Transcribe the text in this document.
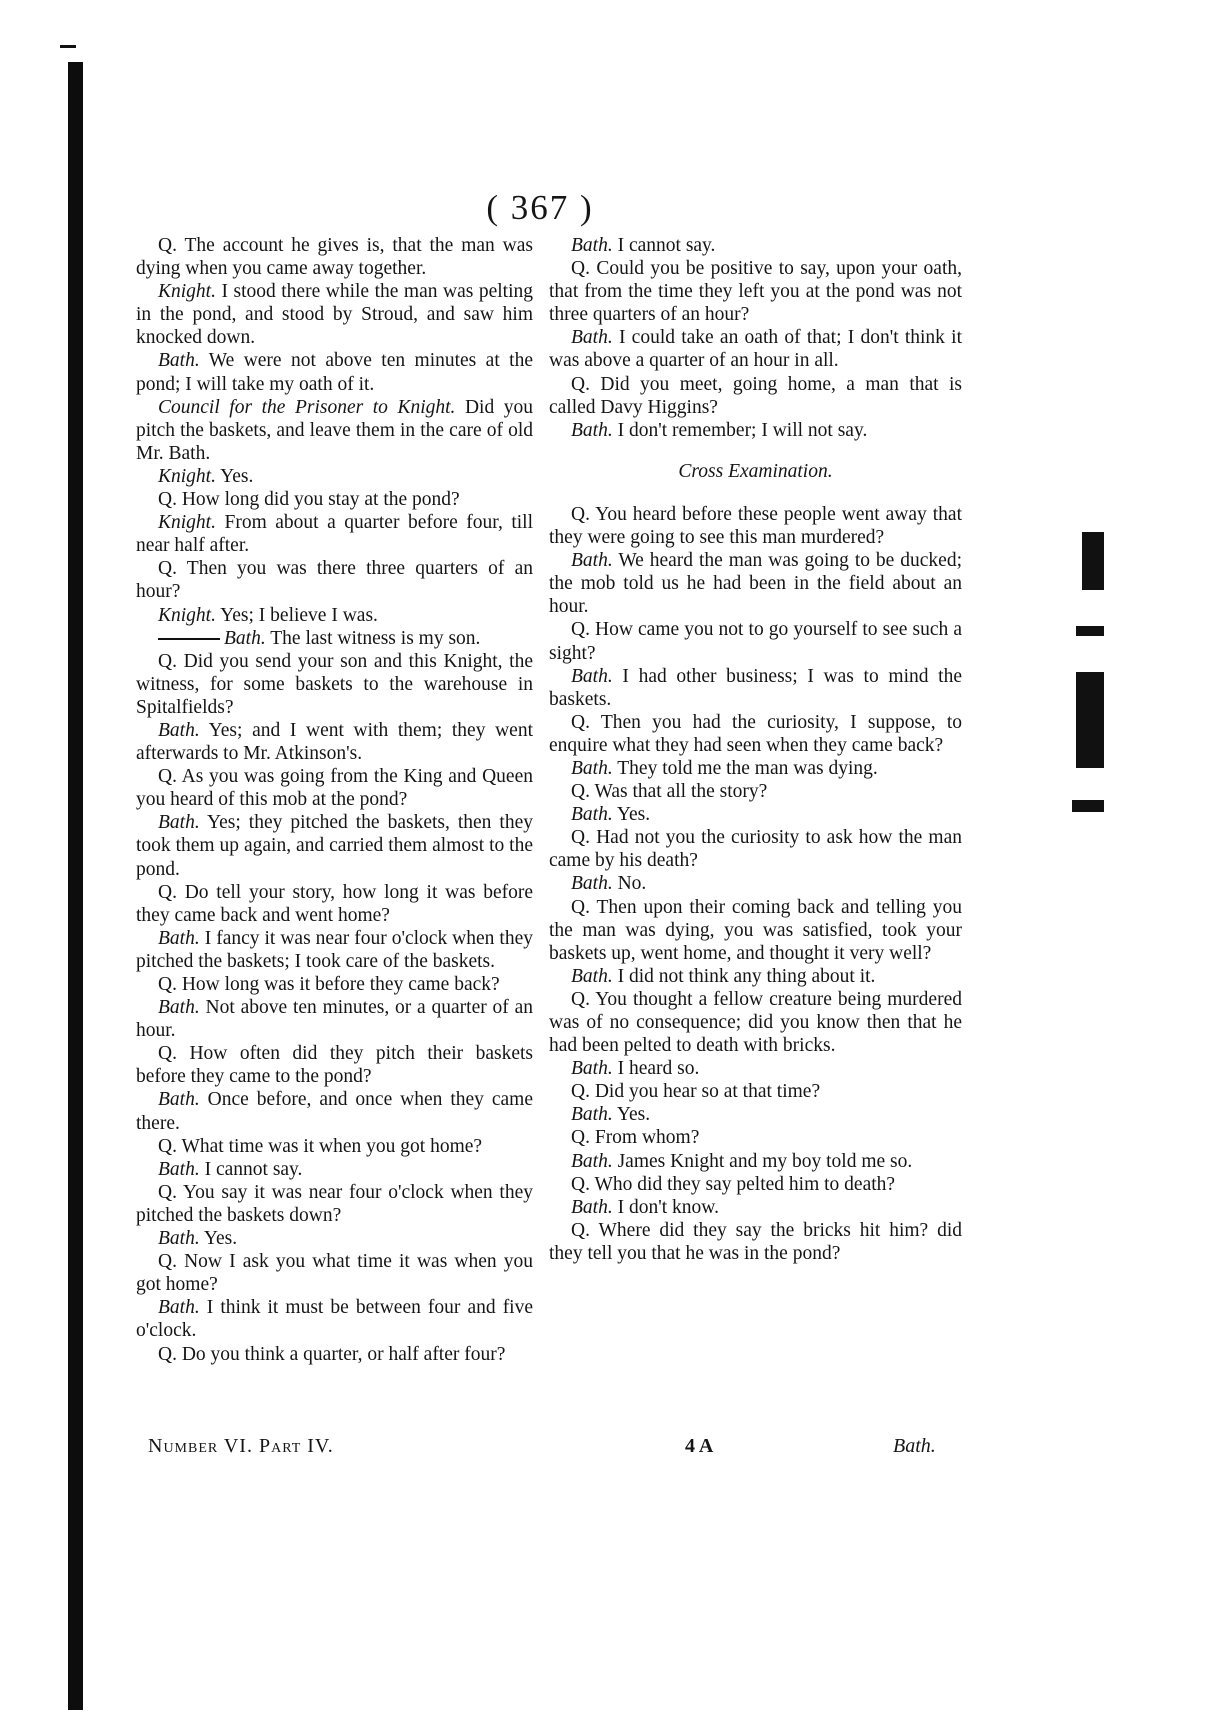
( 367 )

Q. The account he gives is, that the man was dying when you came away together.

Knight. I stood there while the man was pelting in the pond, and stood by Stroud, and saw him knocked down.

Bath. We were not above ten minutes at the pond; I will take my oath of it.

Council for the Prisoner to Knight. Did you pitch the baskets, and leave them in the care of old Mr. Bath.

Knight. Yes.

Q. How long did you stay at the pond?

Knight. From about a quarter before four, till near half after.

Q. Then you was there three quarters of an hour?

Knight. Yes; I believe I was.

Bath. The last witness is my son.

Q. Did you send your son and this Knight, the witness, for some baskets to the warehouse in Spitalfields?

Bath. Yes; and I went with them; they went afterwards to Mr. Atkinson's.

Q. As you was going from the King and Queen you heard of this mob at the pond?

Bath. Yes; they pitched the baskets, then they took them up again, and carried them almost to the pond.

Q. Do tell your story, how long it was before they came back and went home?

Bath. I fancy it was near four o'clock when they pitched the baskets; I took care of the baskets.

Q. How long was it before they came back?

Bath. Not above ten minutes, or a quarter of an hour.

Q. How often did they pitch their baskets before they came to the pond?

Bath. Once before, and once when they came there.

Q. What time was it when you got home?

Bath. I cannot say.

Q. You say it was near four o'clock when they pitched the baskets down?

Bath. Yes.

Q. Now I ask you what time it was when you got home?

Bath. I think it must be between four and five o'clock.

Q. Do you think a quarter, or half after four?

Bath. I cannot say.

Q. Could you be positive to say, upon your oath, that from the time they left you at the pond was not three quarters of an hour?

Bath. I could take an oath of that; I don't think it was above a quarter of an hour in all.

Q. Did you meet, going home, a man that is called Davy Higgins?

Bath. I don't remember; I will not say.

Cross Examination.

Q. You heard before these people went away that they were going to see this man murdered?

Bath. We heard the man was going to be ducked; the mob told us he had been in the field about an hour.

Q. How came you not to go yourself to see such a sight?

Bath. I had other business; I was to mind the baskets.

Q. Then you had the curiosity, I suppose, to enquire what they had seen when they came back?

Bath. They told me the man was dying.

Q. Was that all the story?

Bath. Yes.

Q. Had not you the curiosity to ask how the man came by his death?

Bath. No.

Q. Then upon their coming back and telling you the man was dying, you was satisfied, took your baskets up, went home, and thought it very well?

Bath. I did not think any thing about it.

Q. You thought a fellow creature being murdered was of no consequence; did you know then that he had been pelted to death with bricks.

Bath. I heard so.

Q. Did you hear so at that time?

Bath. Yes.

Q. From whom?

Bath. James Knight and my boy told me so.

Q. Who did they say pelted him to death?

Bath. I don't know.

Q. Where did they say the bricks hit him? did they tell you that he was in the pond?

Number VI. Part IV.	4 A	Bath.
